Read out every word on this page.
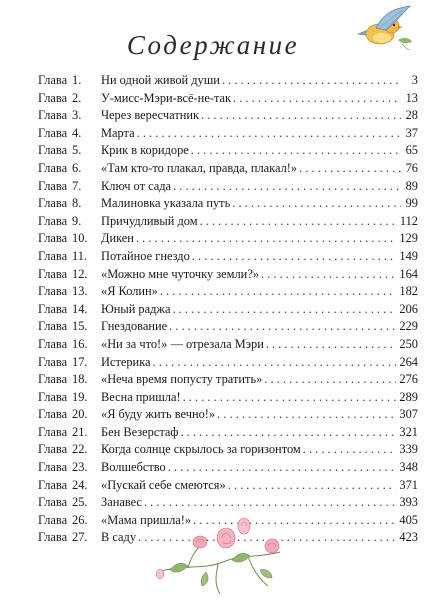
Содержание
Глава 1.	Ни одной живой души . . .	3
Глава 2.	У-мисс-Мэри-всё-не-так . . .	13
Глава 3.	Через вересчатник . . .	28
Глава 4.	Марта . . .	37
Глава 5.	Крик в коридоре . . .	65
Глава 6.	«Там кто-то плакал, правда, плакал!» . . .	76
Глава 7.	Ключ от сада . . .	89
Глава 8.	Малиновка указала путь . . .	99
Глава 9.	Причудливый дом . . .	112
Глава 10.	Дикен . . .	129
Глава 11.	Потайное гнездо . . .	149
Глава 12.	«Можно мне чуточку земли?» . . .	164
Глава 13.	«Я Колин» . . .	182
Глава 14.	Юный раджа . . .	206
Глава 15.	Гнездование . . .	229
Глава 16.	«Ни за что!» — отрезала Мэри . . .	250
Глава 17.	Истерика . . .	264
Глава 18.	«Неча время попусту тратить» . . .	276
Глава 19.	Весна пришла! . . .	289
Глава 20.	«Я буду жить вечно!» . . .	307
Глава 21.	Бен Везерстаф . . .	321
Глава 22.	Когда солнце скрылось за горизонтом . . .	339
Глава 23.	Волшебство . . .	348
Глава 24.	«Пускай себе смеются» . . .	371
Глава 25.	Занавес . . .	393
Глава 26.	«Мама пришла!» . . .	405
Глава 27.	В саду . . .	423
